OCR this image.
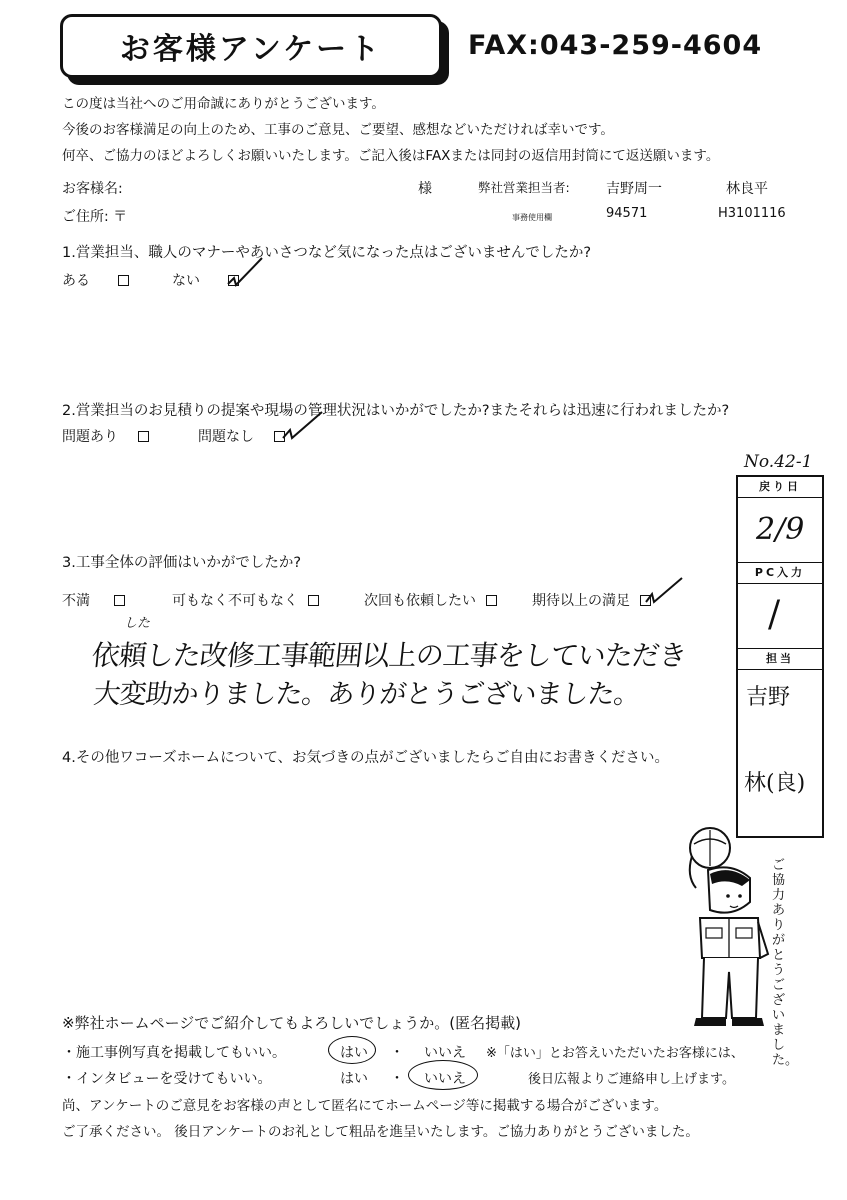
お客様アンケート	FAX:043-259-4604
この度は当社へのご用命誠にありがとうございます。
今後のお客様満足の向上のため、工事のご意見、ご要望、感想などいただければ幸いです。
何卒、ご協力のほどよろしくお願いいたします。ご記入後はFAXまたは同封の返信用封筒にて返送願います。
お客様名:	様	弊社営業担当者:	吉野周一	林良平
ご住所: 〒	事務使用欄	94571	H3101116
1.営業担当、職人のマナーやあいさつなど気になった点はございませんでしたか?
ある	ない
2.営業担当のお見積りの提案や現場の管理状況はいかがでしたか?またそれらは迅速に行われましたか?
問題あり	問題なし
No.42-1
戻り日
2/9
PC入力
/
担当
吉野
林(良)
3.工事全体の評価はいかがでしたか?
不満	可もなく不可もなく	次回も依頼したい	期待以上の満足
した
依頼した改修工事範囲以上の工事をしていただき
大変助かりました。ありがとうございました。
4.その他ワコーズホームについて、お気づきの点がございましたらご自由にお書きください。
ご協力ありがとうございました。
※弊社ホームページでご紹介してもよろしいでしょうか。(匿名掲載)
・施工事例写真を掲載してもいい。	はい ・ いいえ ※「はい」とお答えいただいたお客様には、
・インタビューを受けてもいい。	はい ・ いいえ	後日広報よりご連絡申し上げます。
尚、アンケートのご意見をお客様の声として匿名にてホームページ等に掲載する場合がございます。
ご了承ください。 後日アンケートのお礼として粗品を進呈いたします。ご協力ありがとうございました。
